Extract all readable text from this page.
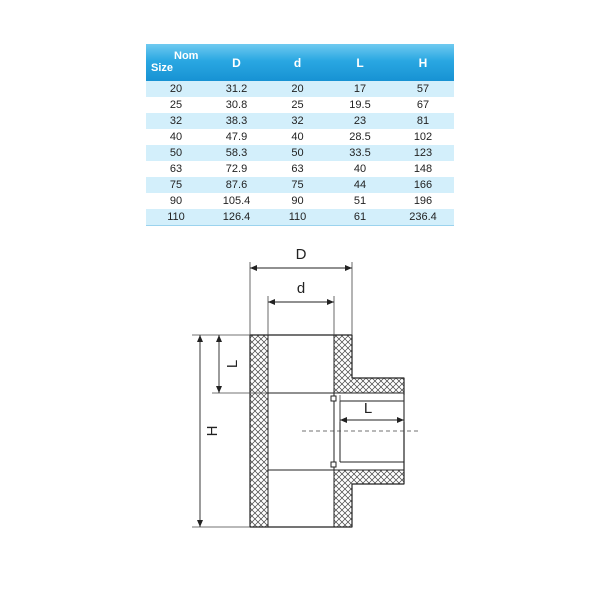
Nom
Size	D	d	L	H
20	31.2	20	17	57
25	30.8	25	19.5	67
32	38.3	32	23	81
40	47.9	40	28.5	102
50	58.3	50	33.5	123
63	72.9	63	40	148
75	87.6	75	44	166
90	105.4	90	51	196
110	126.4	110	61	236.4
D
d
H
L
L
